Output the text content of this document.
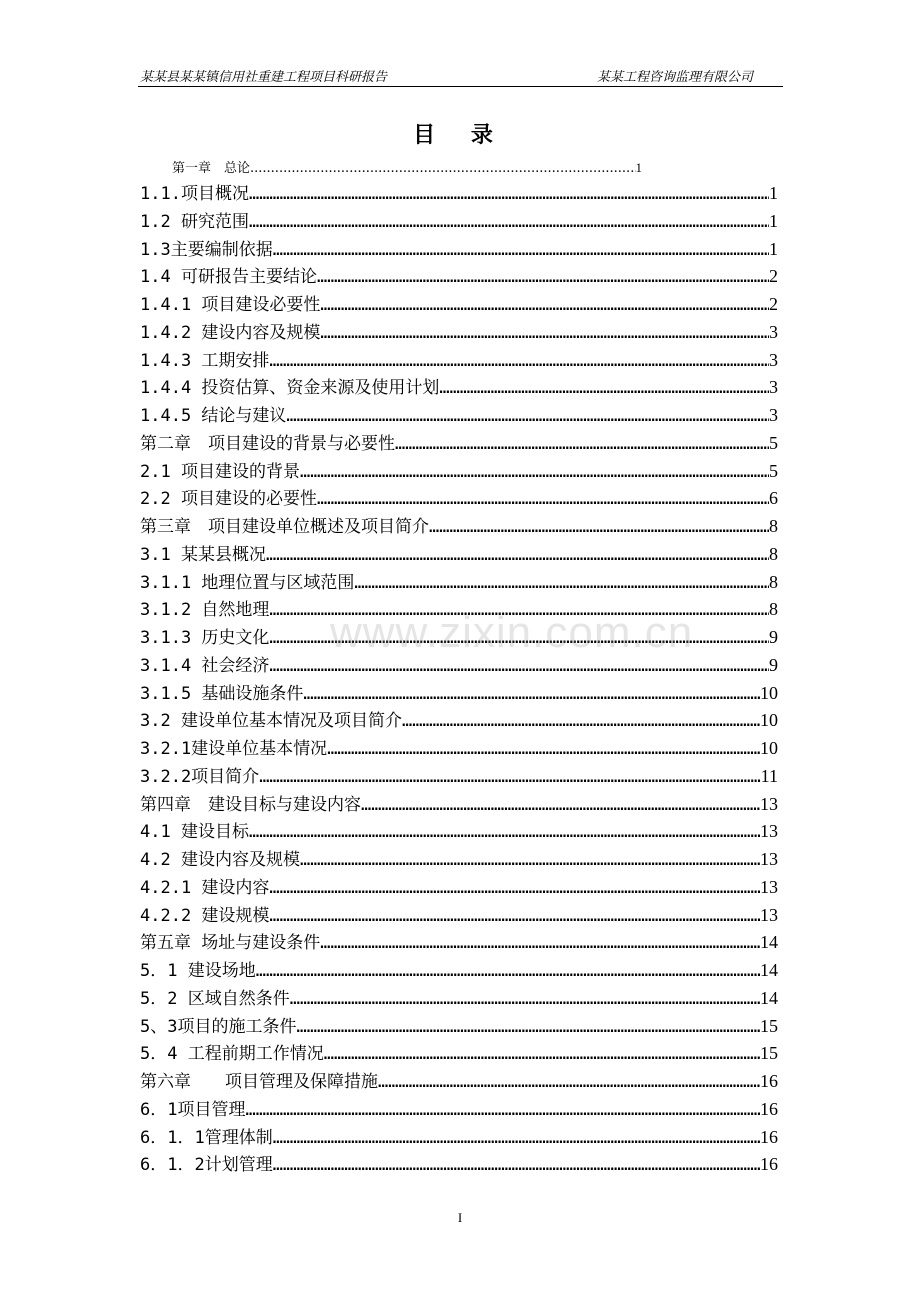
某某县某某镇信用社重建工程项目科研报告	某某工程咨询监理有限公司
目 录
第一章　总论 .....	1
1.1.项目概况 …………………………………………………………………………………………………………………………………………	1
1.2 研究范围 …………………………………………………………………………………………………………………………………………	1
1.3主要编制依据 …………………………………………………………………………………………………………………………………………	1
1.4 可研报告主要结论 …………………………………………………………………………………………………………………………………………	2
1.4.1 项目建设必要性 …………………………………………………………………………………………………………………………………………	2
1.4.2 建设内容及规模 …………………………………………………………………………………………………………………………………………	3
1.4.3 工期安排 …………………………………………………………………………………………………………………………………………	3
1.4.4 投资估算、资金来源及使用计划 …………………………………………………………………………………………………………………………………………	3
1.4.5 结论与建议 …………………………………………………………………………………………………………………………………………	3
第二章　项目建设的背景与必要性 …………………………………………………………………………………………………………………………………………	5
2.1 项目建设的背景 …………………………………………………………………………………………………………………………………………	5
2.2 项目建设的必要性 …………………………………………………………………………………………………………………………………………	6
第三章　项目建设单位概述及项目简介 …………………………………………………………………………………………………………………………………………	8
3.1 某某县概况 …………………………………………………………………………………………………………………………………………	8
3.1.1 地理位置与区域范围 …………………………………………………………………………………………………………………………………………	8
3.1.2 自然地理 …………………………………………………………………………………………………………………………………………	8
3.1.3 历史文化 …………………………………………………………………………………………………………………………………………	9
3.1.4 社会经济 …………………………………………………………………………………………………………………………………………	9
3.1.5 基础设施条件 …………………………………………………………………………………………………………………………………………	10
3.2 建设单位基本情况及项目简介 …………………………………………………………………………………………………………………………………………	10
3.2.1建设单位基本情况 …………………………………………………………………………………………………………………………………………	10
3.2.2项目简介 …………………………………………………………………………………………………………………………………………	11
第四章　建设目标与建设内容 …………………………………………………………………………………………………………………………………………	13
4.1 建设目标 …………………………………………………………………………………………………………………………………………	13
4.2 建设内容及规模 …………………………………………………………………………………………………………………………………………	13
4.2.1 建设内容 …………………………………………………………………………………………………………………………………………	13
4.2.2 建设规模 …………………………………………………………………………………………………………………………………………	13
第五章 场址与建设条件 …………………………………………………………………………………………………………………………………………	14
5．1 建设场地 …………………………………………………………………………………………………………………………………………	14
5．2 区域自然条件 …………………………………………………………………………………………………………………………………………	14
5、3项目的施工条件 …………………………………………………………………………………………………………………………………………	15
5．4 工程前期工作情况 …………………………………………………………………………………………………………………………………………	15
第六章　　项目管理及保障措施 …………………………………………………………………………………………………………………………………………	16
6．1项目管理 …………………………………………………………………………………………………………………………………………	16
6．1．1管理体制 …………………………………………………………………………………………………………………………………………	16
6．1．2计划管理 …………………………………………………………………………………………………………………………………………	16
www.zixin.com.cn
I
